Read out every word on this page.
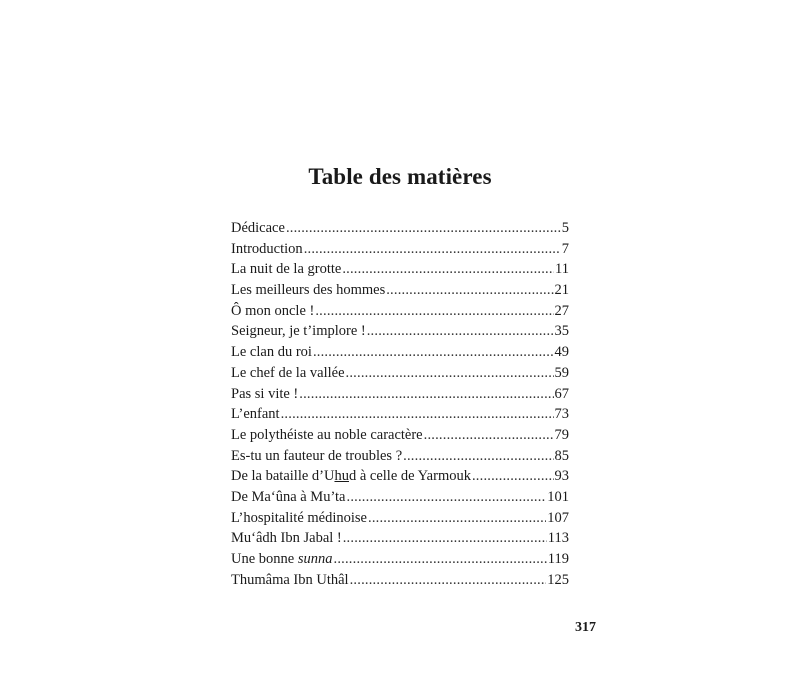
Table des matières
Dédicace .....	5
Introduction .....	7
La nuit de la grotte .....	11
Les meilleurs des hommes .....	21
Ô mon oncle ! .....	27
Seigneur, je t’implore ! .....	35
Le clan du roi .....	49
Le chef de la vallée .....	59
Pas si vite ! .....	67
L’enfant .....	73
Le polythéiste au noble caractère .....	79
Es-tu un fauteur de troubles ? .....	85
De la bataille d’Uhud à celle de Yarmouk .....	93
De Ma‘ûna à Mu’ta .....	101
L’hospitalité médinoise .....	107
Mu‘âdh Ibn Jabal ! .....	113
Une bonne sunna .....	119
Thumâma Ibn Uthâl .....	125
317
